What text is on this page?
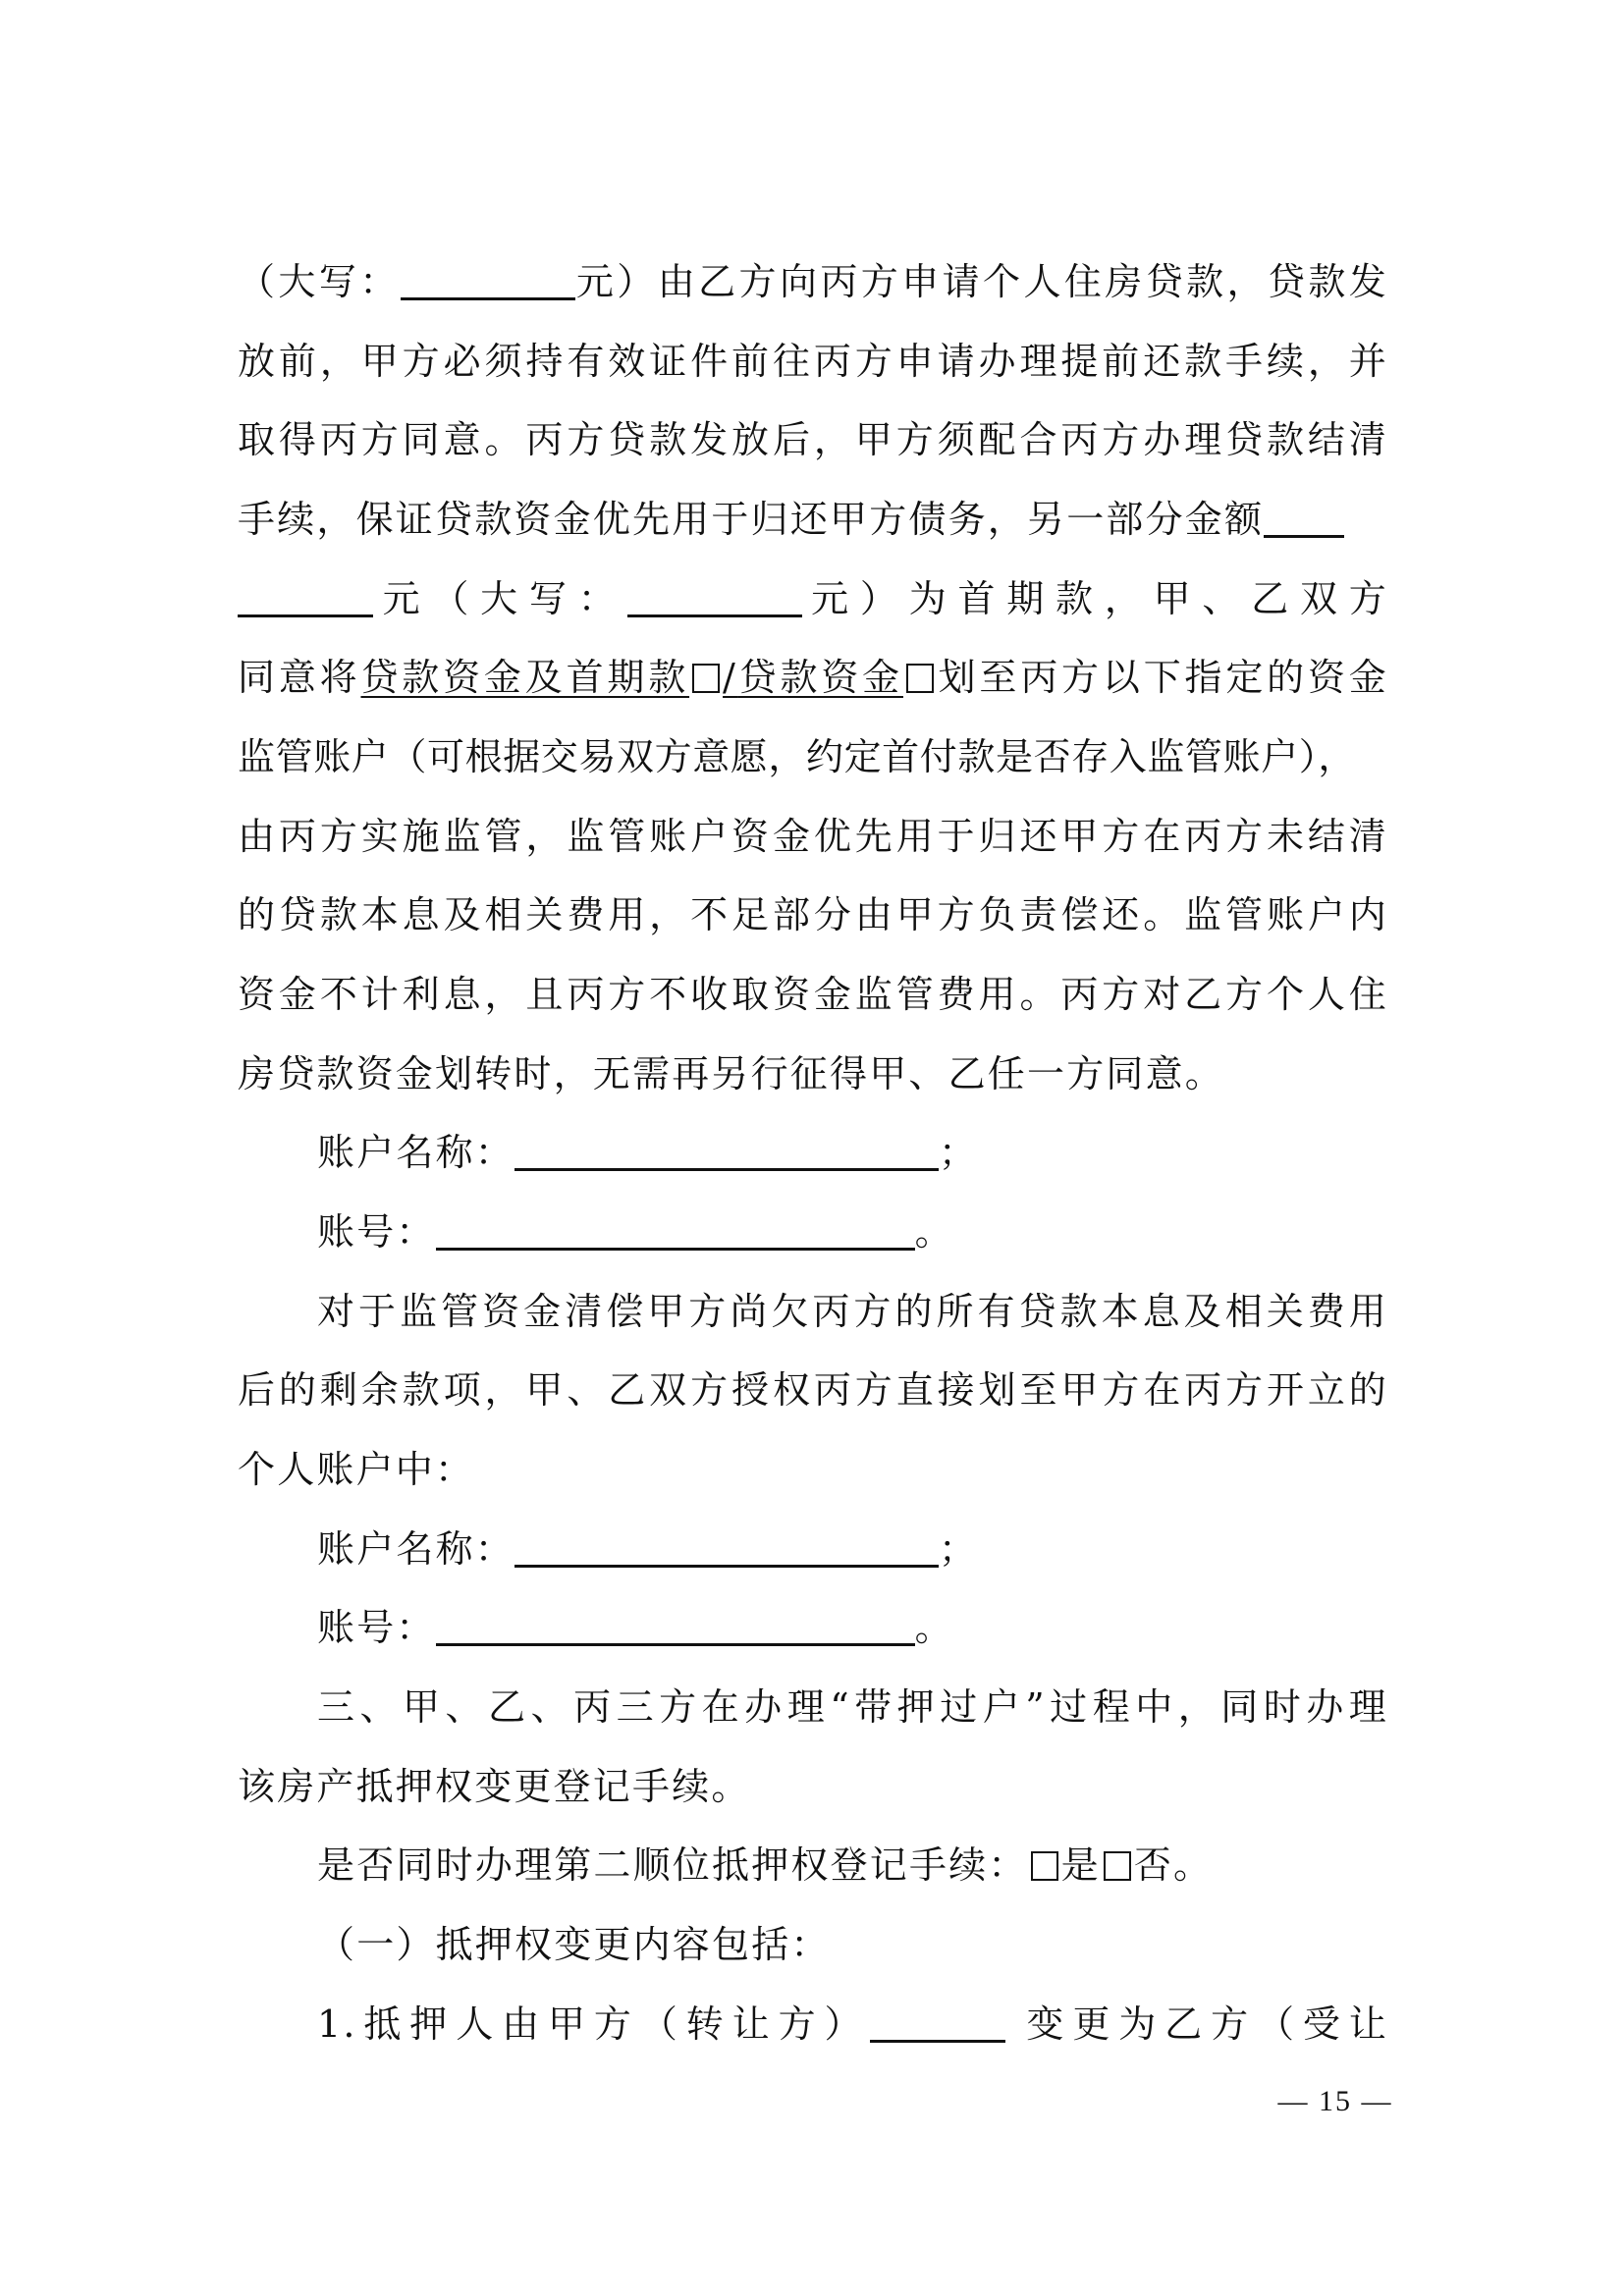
（大写：	元）由乙方向丙方申请个人住房贷款，贷款发
放前，甲方必须持有效证件前往丙方申请办理提前还款手续，并
取得丙方同意。丙方贷款发放后，甲方须配合丙方办理贷款结清
手续，保证贷款资金优先用于归还甲方债务，另一部分金额
元（大写：	元）为首期款，甲、乙双方
同意将贷款资金及首期款 /贷款资金 划至丙方以下指定的资金
监管账户（可根据交易双方意愿，约定首付款是否存入监管账户），
由丙方实施监管，监管账户资金优先用于归还甲方在丙方未结清
的贷款本息及相关费用，不足部分由甲方负责偿还。监管账户内
资金不计利息，且丙方不收取资金监管费用。丙方对乙方个人住
房贷款资金划转时，无需再另行征得甲、乙任一方同意。
账户名称：	；
账号：	。
对于监管资金清偿甲方尚欠丙方的所有贷款本息及相关费用
后的剩余款项，甲、乙双方授权丙方直接划至甲方在丙方开立的
个人账户中：
账户名称：	；
账号：	。
三、甲、乙、丙三方在办理“带押过户”过程中，同时办理
该房产抵押权变更登记手续。
是否同时办理第二顺位抵押权登记手续： 是 否。
（一）抵押权变更内容包括：
1.抵押人由甲方（转让方）	变更为乙方（受让
— 15 —
